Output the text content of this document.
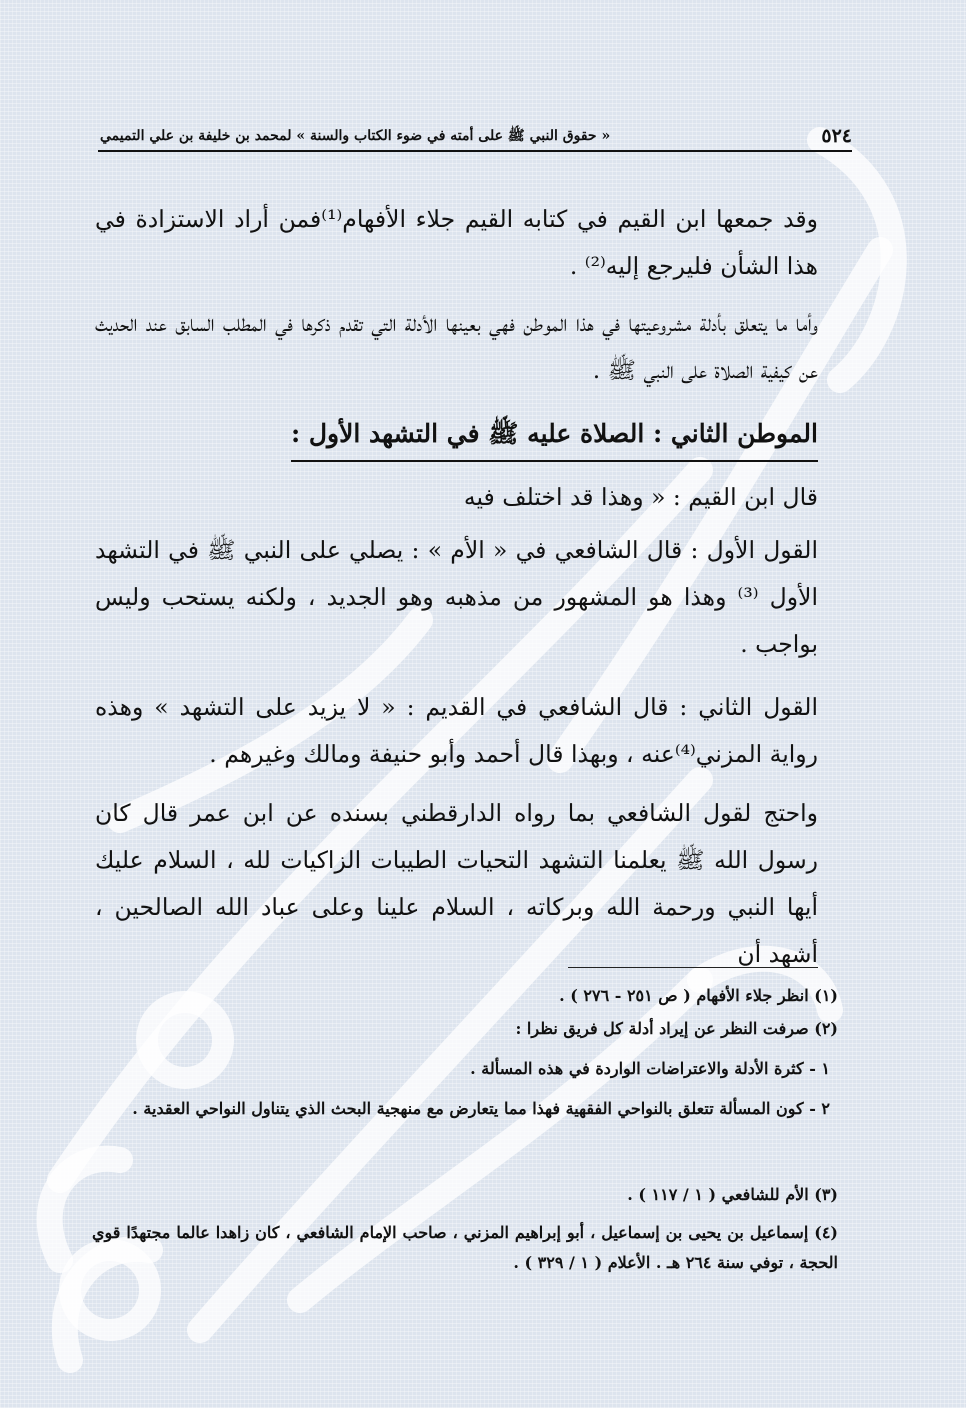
٥٢٤
« حقوق النبي ﷺ على أمته في ضوء الكتاب والسنة » لمحمد بن خليفة بن علي التميمي
وقد جمعها ابن القيم في كتابه القيم جلاء الأفهام⁽¹⁾فمن أراد الاستزادة في هذا الشأن فليرجع إليه⁽²⁾ .
وأما ما يتعلق بأدلة مشروعيتها في هذا الموطن فهي بعينها الأدلة التي تقدم ذكرها في المطلب السابق عند الحديث عن كيفية الصلاة على النبي ﷺ .
الموطن الثاني : الصلاة عليه ﷺ في التشهد الأول :
قال ابن القيم : « وهذا قد اختلف فيه
القول الأول : قال الشافعي في « الأم » : يصلي على النبي ﷺ في التشهد الأول ⁽³⁾ وهذا هو المشهور من مذهبه وهو الجديد ، ولكنه يستحب وليس بواجب .
القول الثاني : قال الشافعي في القديم : « لا يزيد على التشهد » وهذه رواية المزني⁽⁴⁾عنه ، وبهذا قال أحمد وأبو حنيفة ومالك وغيرهم .
واحتج لقول الشافعي بما رواه الدارقطني بسنده عن ابن عمر قال كان رسول الله ﷺ يعلمنا التشهد التحيات الطيبات الزاكيات لله ، السلام عليك أيها النبي ورحمة الله وبركاته ، السلام علينا وعلى عباد الله الصالحين ، أشهد أن
(١) انظر جلاء الأفهام ( ص ٢٥١ - ٢٧٦ ) .
(٢) صرفت النظر عن إيراد أدلة كل فريق نظرا :
١ - كثرة الأدلة والاعتراضات الواردة في هذه المسألة .
٢ - كون المسألة تتعلق بالنواحي الفقهية فهذا مما يتعارض مع منهجية البحث الذي يتناول النواحي العقدية .
(٣) الأم للشافعي ( ١ / ١١٧ ) .
(٤) إسماعيل بن يحيى بن إسماعيل ، أبو إبراهيم المزني ، صاحب الإمام الشافعي ، كان زاهدا عالما مجتهدًا قوي الحجة ، توفي سنة ٢٦٤ هـ . الأعلام ( ١ / ٣٢٩ ) .
